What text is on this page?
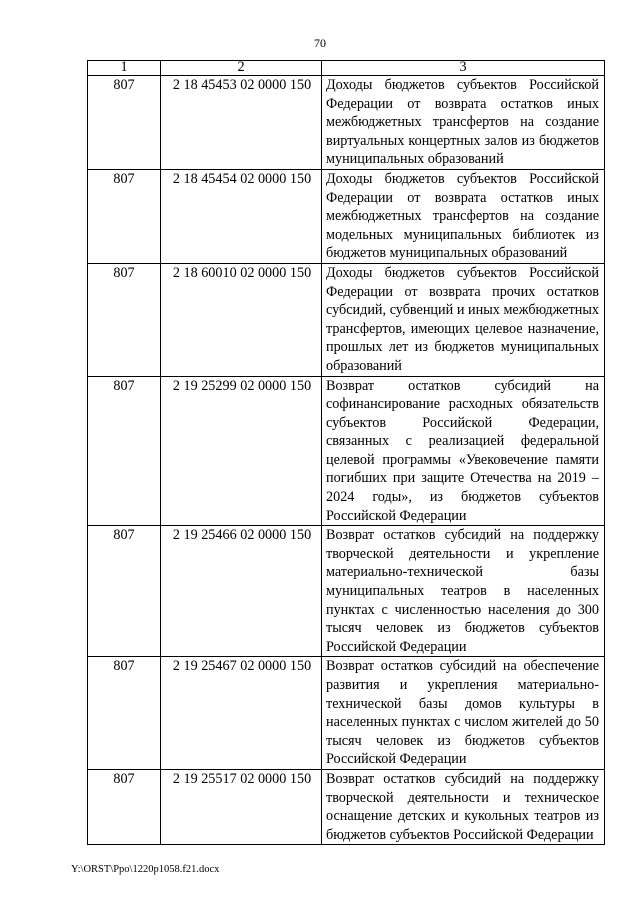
70
1	2	3
807	2 18 45453 02 0000 150	Доходы бюджетов субъектов Российской Федерации от возврата остатков иных межбюджетных трансфертов на создание виртуальных концертных залов из бюджетов муниципальных образований
807	2 18 45454 02 0000 150	Доходы бюджетов субъектов Российской Федерации от возврата остатков иных межбюджетных трансфертов на создание модельных муниципальных библиотек из бюджетов муниципальных образований
807	2 18 60010 02 0000 150	Доходы бюджетов субъектов Российской Федерации от возврата прочих остатков субсидий, субвенций и иных межбюджетных трансфертов, имеющих целевое назначение, прошлых лет из бюджетов муниципальных образований
807	2 19 25299 02 0000 150	Возврат остатков субсидий на софинансирование расходных обязательств субъектов Российской Федерации, связанных с реализацией федеральной целевой программы «Увековечение памяти погибших при защите Отечества на 2019 – 2024 годы», из бюджетов субъектов Российской Федерации
807	2 19 25466 02 0000 150	Возврат остатков субсидий на поддержку творческой деятельности и укрепление материально-технической базы муниципальных театров в населенных пунктах с численностью населения до 300 тысяч человек из бюджетов субъектов Российской Федерации
807	2 19 25467 02 0000 150	Возврат остатков субсидий на обеспечение развития и укрепления материально-технической базы домов культуры в населенных пунктах с числом жителей до 50 тысяч человек из бюджетов субъектов Российской Федерации
807	2 19 25517 02 0000 150	Возврат остатков субсидий на поддержку творческой деятельности и техническое оснащение детских и кукольных театров из бюджетов субъектов Российской Федерации
Y:\ORST\Ppo\1220p1058.f21.docx
